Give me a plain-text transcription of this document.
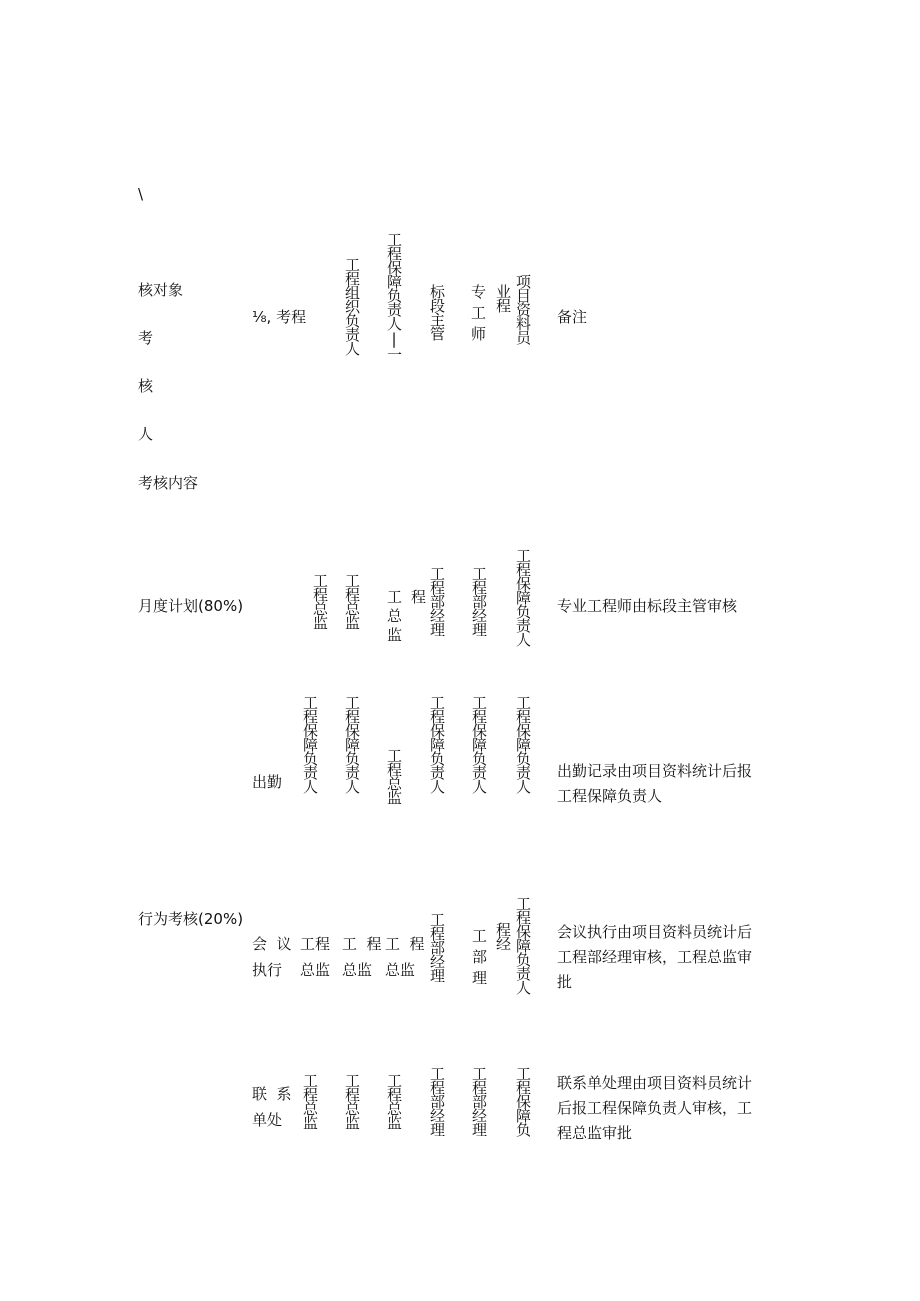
\
核对象
考
核
人
考核内容
⅛, 考程 工程组织负责人 工程保障负责人|一 标段主管 专工师 业程 项目资料员 备注
月度计划(80%)	工程总监 工程总监 工总监 程 工程部经理 工程部经理 工程保障负责人 专业工程师由标段主管审核
出勤 工程保障负责人 工程保障负责人 工程总监 工程保障负责人 工程保障负责人 工程保障负责人 出勤记录由项目资料统计后报
工程保障负责人
行为考核(20%)
会  议
执行
工程
总监
工  程
总监
工  程
总监 工程部经理 工部理 程经 工程保障负责人 会议执行由项目资料员统计后
工程部经理审核，工程总监审
批
联  系
单处 工程总监 工程总监 工程总监 工程部经理 工程部经理 工程保障负 联系单处理由项目资料员统计
后报工程保障负责人审核，工
程总监审批
